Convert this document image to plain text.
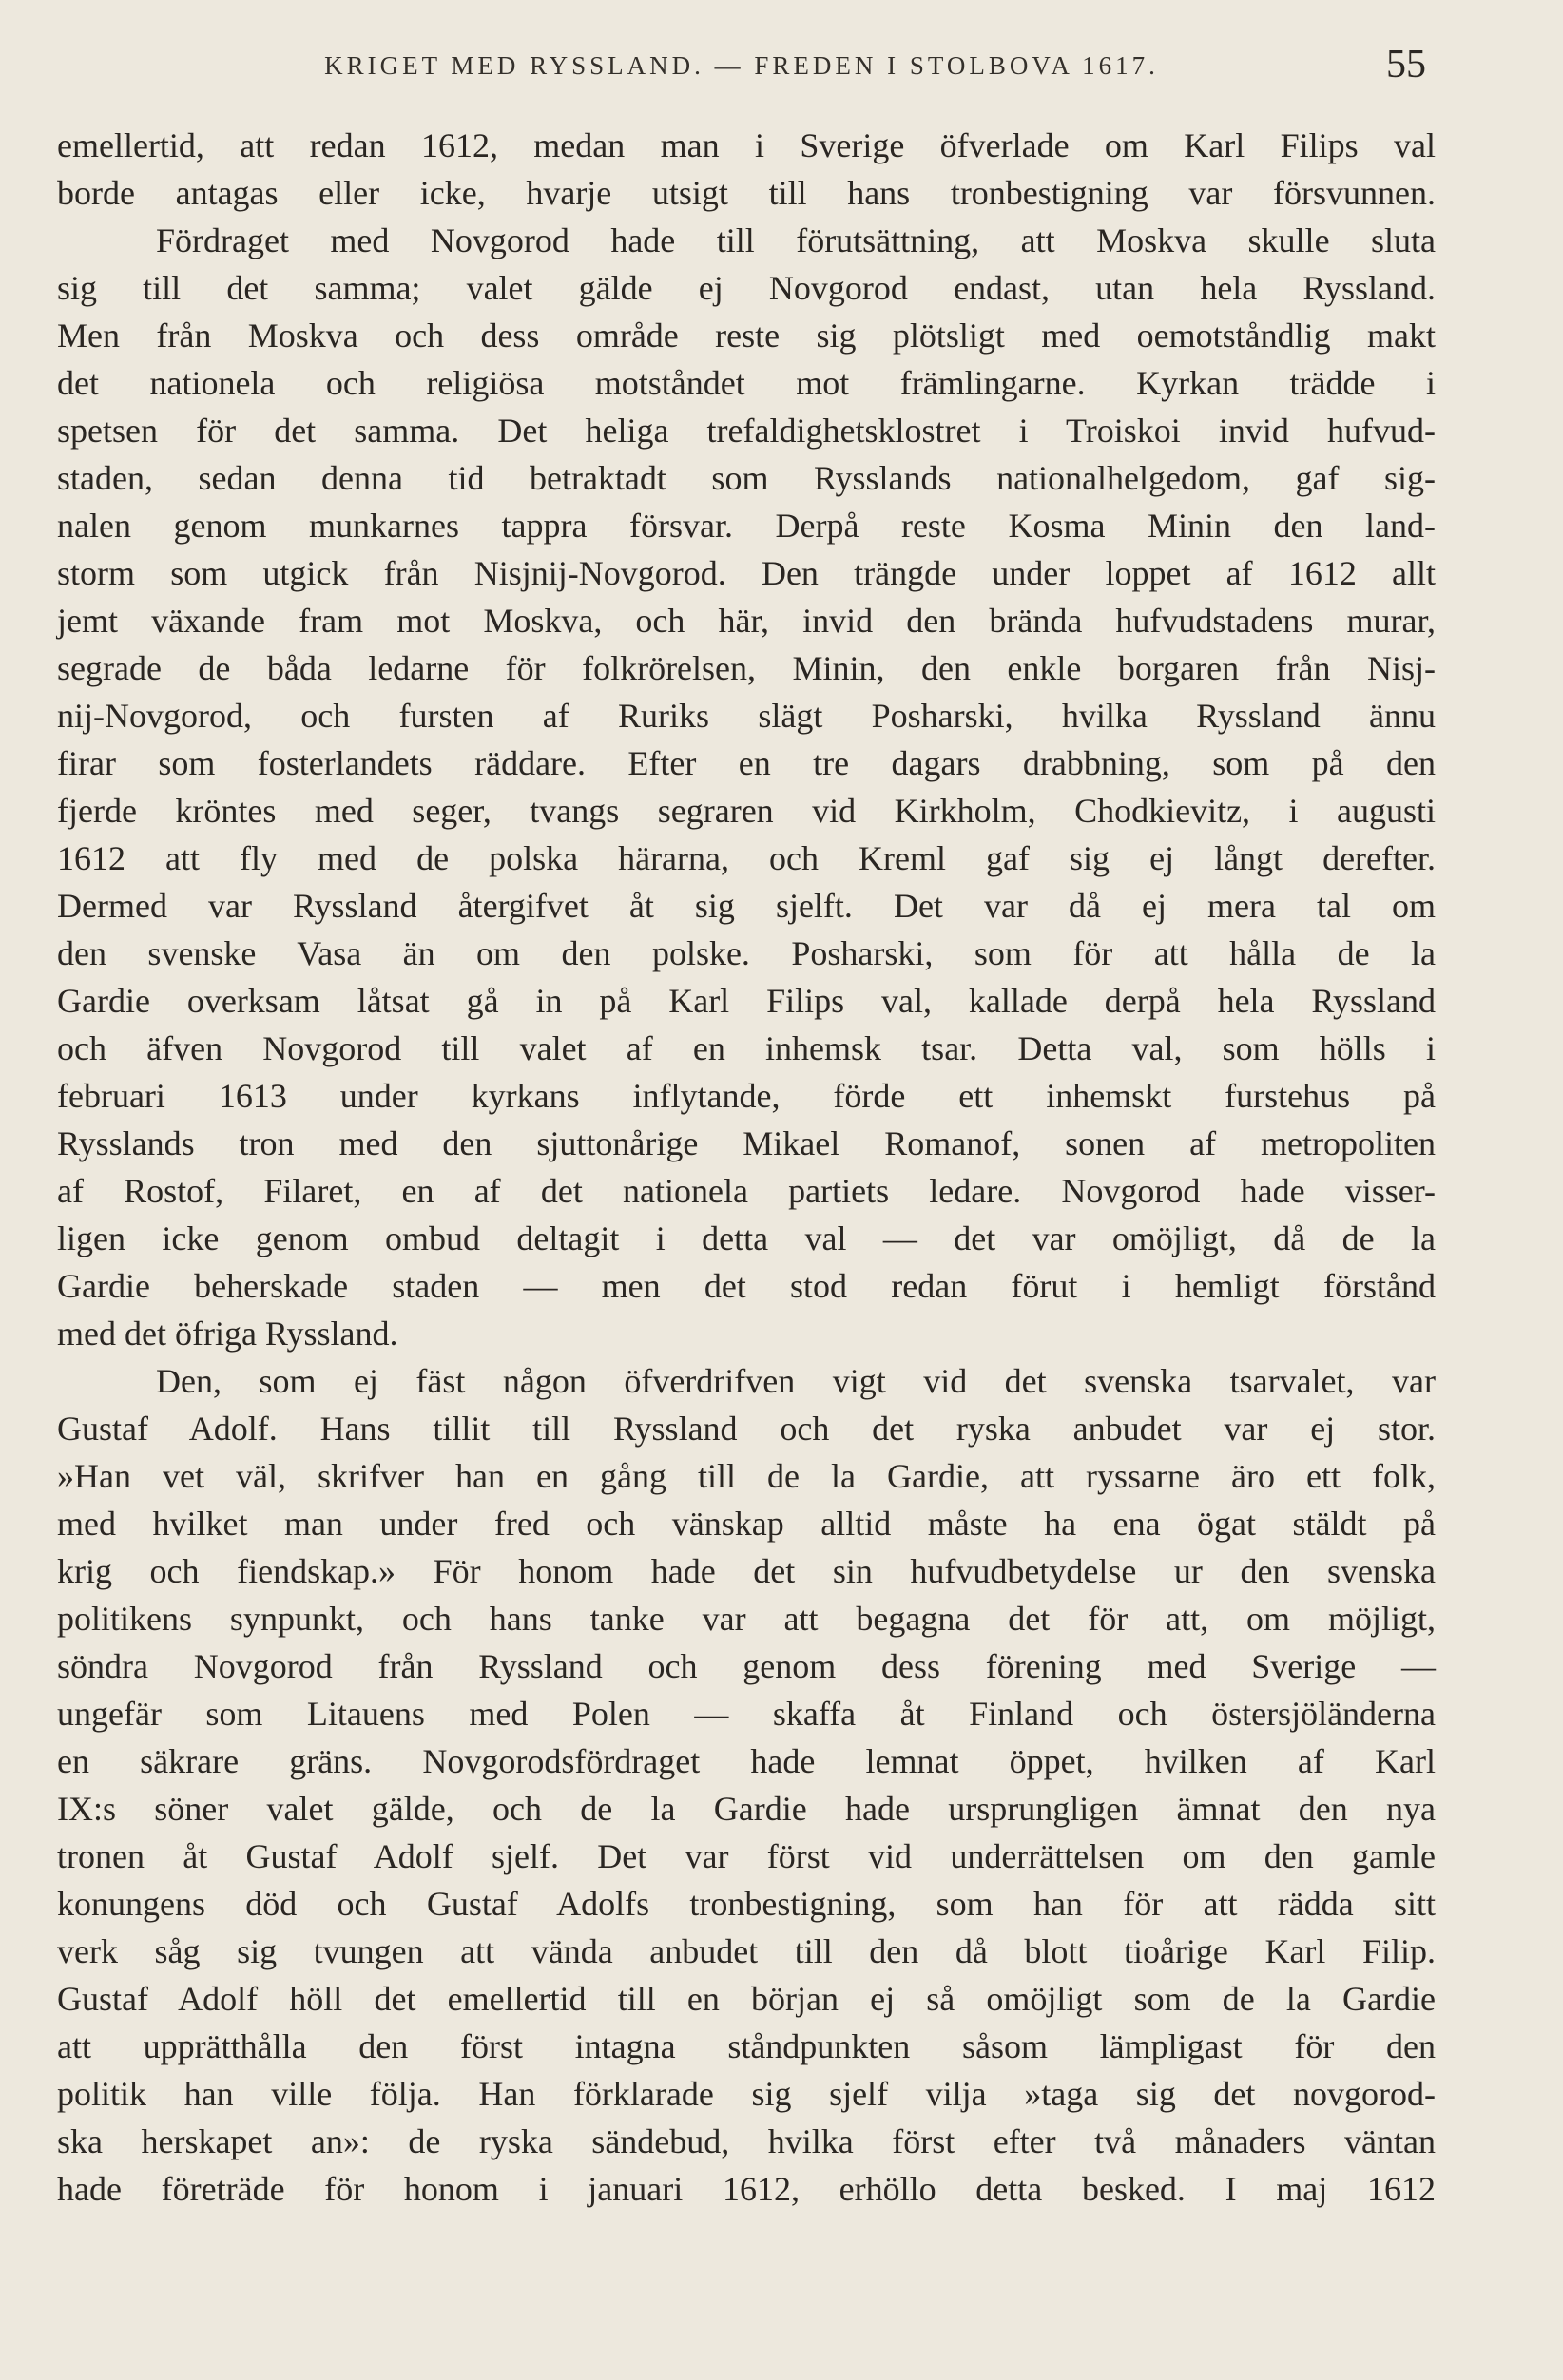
KRIGET MED RYSSLAND. — FREDEN I STOLBOVA 1617.	55
emellertid, att redan 1612, medan man i Sverige öfverlade om Karl Filips val
borde antagas eller icke, hvarje utsigt till hans tronbestigning var försvunnen.
Fördraget med Novgorod hade till förutsättning, att Moskva skulle sluta
sig till det samma; valet gälde ej Novgorod endast, utan hela Ryssland.
Men från Moskva och dess område reste sig plötsligt med oemotståndlig makt
det nationela och religiösa motståndet mot främlingarne. Kyrkan trädde i
spetsen för det samma. Det heliga trefaldighetsklostret i Troiskoi invid hufvud-
staden, sedan denna tid betraktadt som Rysslands nationalhelgedom, gaf sig-
nalen genom munkarnes tappra försvar. Derpå reste Kosma Minin den land-
storm som utgick från Nisjnij-Novgorod. Den trängde under loppet af 1612 allt
jemt växande fram mot Moskva, och här, invid den brända hufvudstadens murar,
segrade de båda ledarne för folkrörelsen, Minin, den enkle borgaren från Nisj-
nij-Novgorod, och fursten af Ruriks slägt Posharski, hvilka Ryssland ännu
firar som fosterlandets räddare. Efter en tre dagars drabbning, som på den
fjerde kröntes med seger, tvangs segraren vid Kirkholm, Chodkievitz, i augusti
1612 att fly med de polska härarna, och Kreml gaf sig ej långt derefter.
Dermed var Ryssland återgifvet åt sig sjelft. Det var då ej mera tal om
den svenske Vasa än om den polske. Posharski, som för att hålla de la
Gardie overksam låtsat gå in på Karl Filips val, kallade derpå hela Ryssland
och äfven Novgorod till valet af en inhemsk tsar. Detta val, som hölls i
februari 1613 under kyrkans inflytande, förde ett inhemskt furstehus på
Rysslands tron med den sjuttonårige Mikael Romanof, sonen af metropoliten
af Rostof, Filaret, en af det nationela partiets ledare. Novgorod hade visser-
ligen icke genom ombud deltagit i detta val — det var omöjligt, då de la
Gardie beherskade staden — men det stod redan förut i hemligt förstånd
med det öfriga Ryssland.
Den, som ej fäst någon öfverdrifven vigt vid det svenska tsarvalet, var
Gustaf Adolf. Hans tillit till Ryssland och det ryska anbudet var ej stor.
»Han vet väl, skrifver han en gång till de la Gardie, att ryssarne äro ett folk,
med hvilket man under fred och vänskap alltid måste ha ena ögat stäldt på
krig och fiendskap.» För honom hade det sin hufvudbetydelse ur den svenska
politikens synpunkt, och hans tanke var att begagna det för att, om möjligt,
söndra Novgorod från Ryssland och genom dess förening med Sverige —
ungefär som Litauens med Polen — skaffa åt Finland och östersjöländerna
en säkrare gräns. Novgorodsfördraget hade lemnat öppet, hvilken af Karl
IX:s söner valet gälde, och de la Gardie hade ursprungligen ämnat den nya
tronen åt Gustaf Adolf sjelf. Det var först vid underrättelsen om den gamle
konungens död och Gustaf Adolfs tronbestigning, som han för att rädda sitt
verk såg sig tvungen att vända anbudet till den då blott tioårige Karl Filip.
Gustaf Adolf höll det emellertid till en början ej så omöjligt som de la Gardie
att upprätthålla den först intagna ståndpunkten såsom lämpligast för den
politik han ville följa. Han förklarade sig sjelf vilja »taga sig det novgorod-
ska herskapet an»: de ryska sändebud, hvilka först efter två månaders väntan
hade företräde för honom i januari 1612, erhöllo detta besked. I maj 1612
